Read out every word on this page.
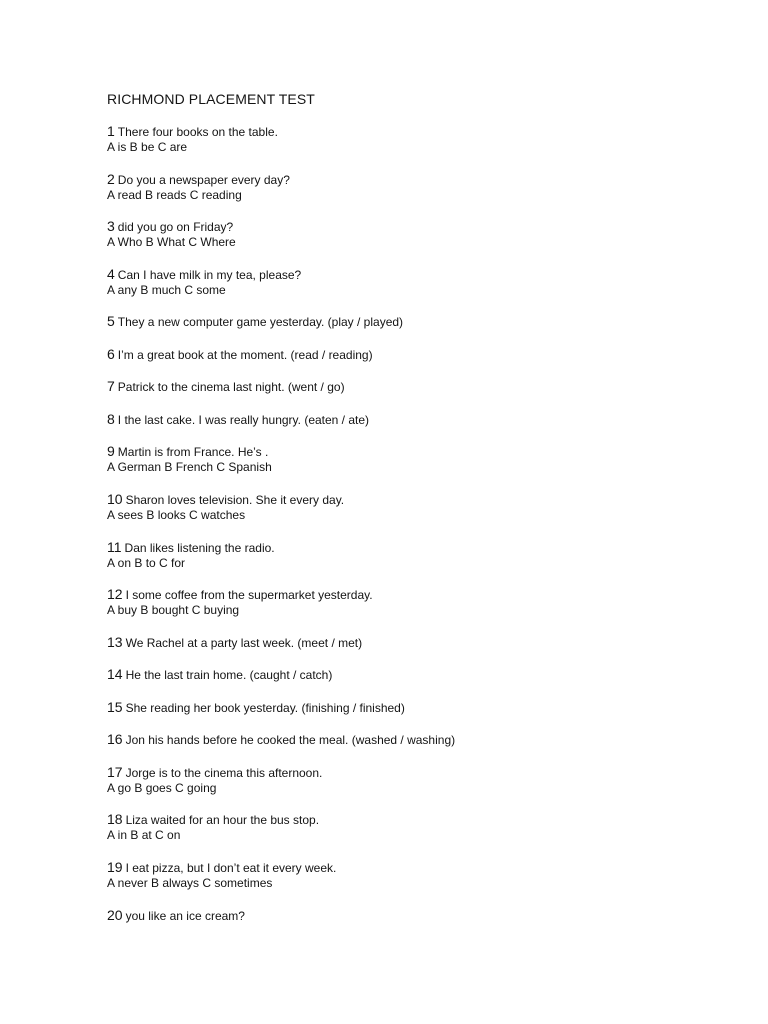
RICHMOND PLACEMENT TEST
1 There four books on the table.
A is B be C are
2 Do you a newspaper every day?
A read B reads C reading
3 did you go on Friday?
A Who B What C Where
4 Can I have milk in my tea, please?
A any B much C some
5 They a new computer game yesterday. (play / played)
6 I’m a great book at the moment. (read / reading)
7 Patrick to the cinema last night. (went / go)
8 I the last cake. I was really hungry. (eaten / ate)
9 Martin is from France. He’s .
A German B French C Spanish
10 Sharon loves television. She it every day.
A sees B looks C watches
11 Dan likes listening the radio.
A on B to C for
12 I some coffee from the supermarket yesterday.
A buy B bought C buying
13 We Rachel at a party last week. (meet / met)
14 He the last train home. (caught / catch)
15 She reading her book yesterday. (finishing / finished)
16 Jon his hands before he cooked the meal. (washed / washing)
17 Jorge is to the cinema this afternoon.
A go B goes C going
18 Liza waited for an hour the bus stop.
A in B at C on
19 I eat pizza, but I don’t eat it every week.
A never B always C sometimes
20 you like an ice cream?
